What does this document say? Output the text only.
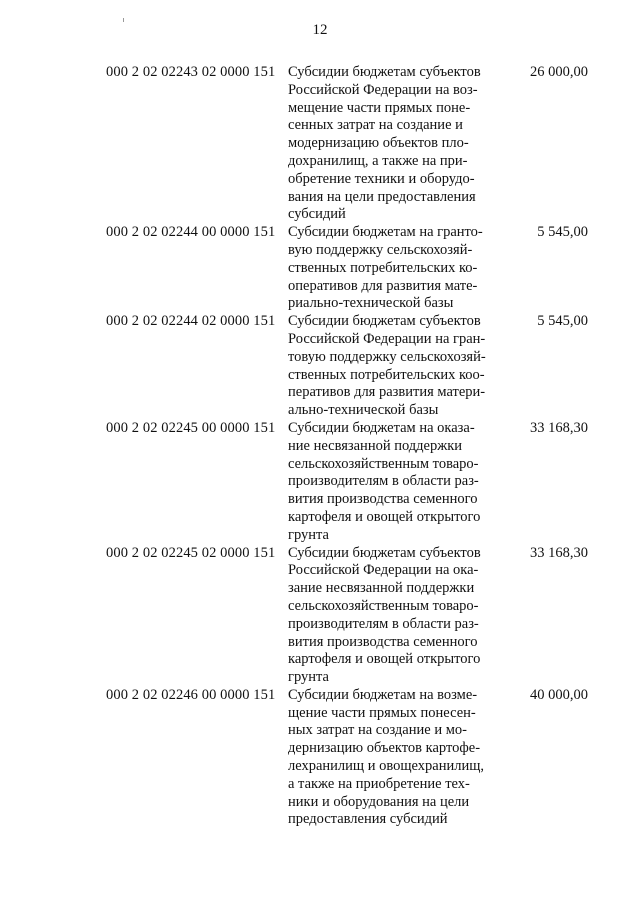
12
000 2 02 02243 02 0000 151 Субсидии бюджетам субъектов
Российской Федерации на воз-
мещение части прямых поне-
сенных затрат на создание и
модернизацию объектов пло-
дохранилищ, а также на при-
обретение техники и оборудо-
вания на цели предоставления
субсидий
26 000,00
000 2 02 02244 00 0000 151 Субсидии бюджетам на гранто-
вую поддержку сельскохозяй-
ственных потребительских ко-
оперативов для развития мате-
риально-технической базы
5 545,00
000 2 02 02244 02 0000 151 Субсидии бюджетам субъектов
Российской Федерации на гран-
товую поддержку сельскохозяй-
ственных потребительских коо-
перативов для развития матери-
ально-технической базы
5 545,00
000 2 02 02245 00 0000 151 Субсидии бюджетам на оказа-
ние несвязанной поддержки
сельскохозяйственным товаро-
производителям в области раз-
вития производства семенного
картофеля и овощей открытого
грунта
33 168,30
000 2 02 02245 02 0000 151 Субсидии бюджетам субъектов
Российской Федерации на ока-
зание несвязанной поддержки
сельскохозяйственным товаро-
производителям в области раз-
вития производства семенного
картофеля и овощей открытого
грунта
33 168,30
000 2 02 02246 00 0000 151 Субсидии бюджетам на возме-
щение части прямых понесен-
ных затрат на создание и мо-
дернизацию объектов картофе-
лехранилищ и овощехранилищ,
а также на приобретение тех-
ники и оборудования на цели
предоставления субсидий
40 000,00
